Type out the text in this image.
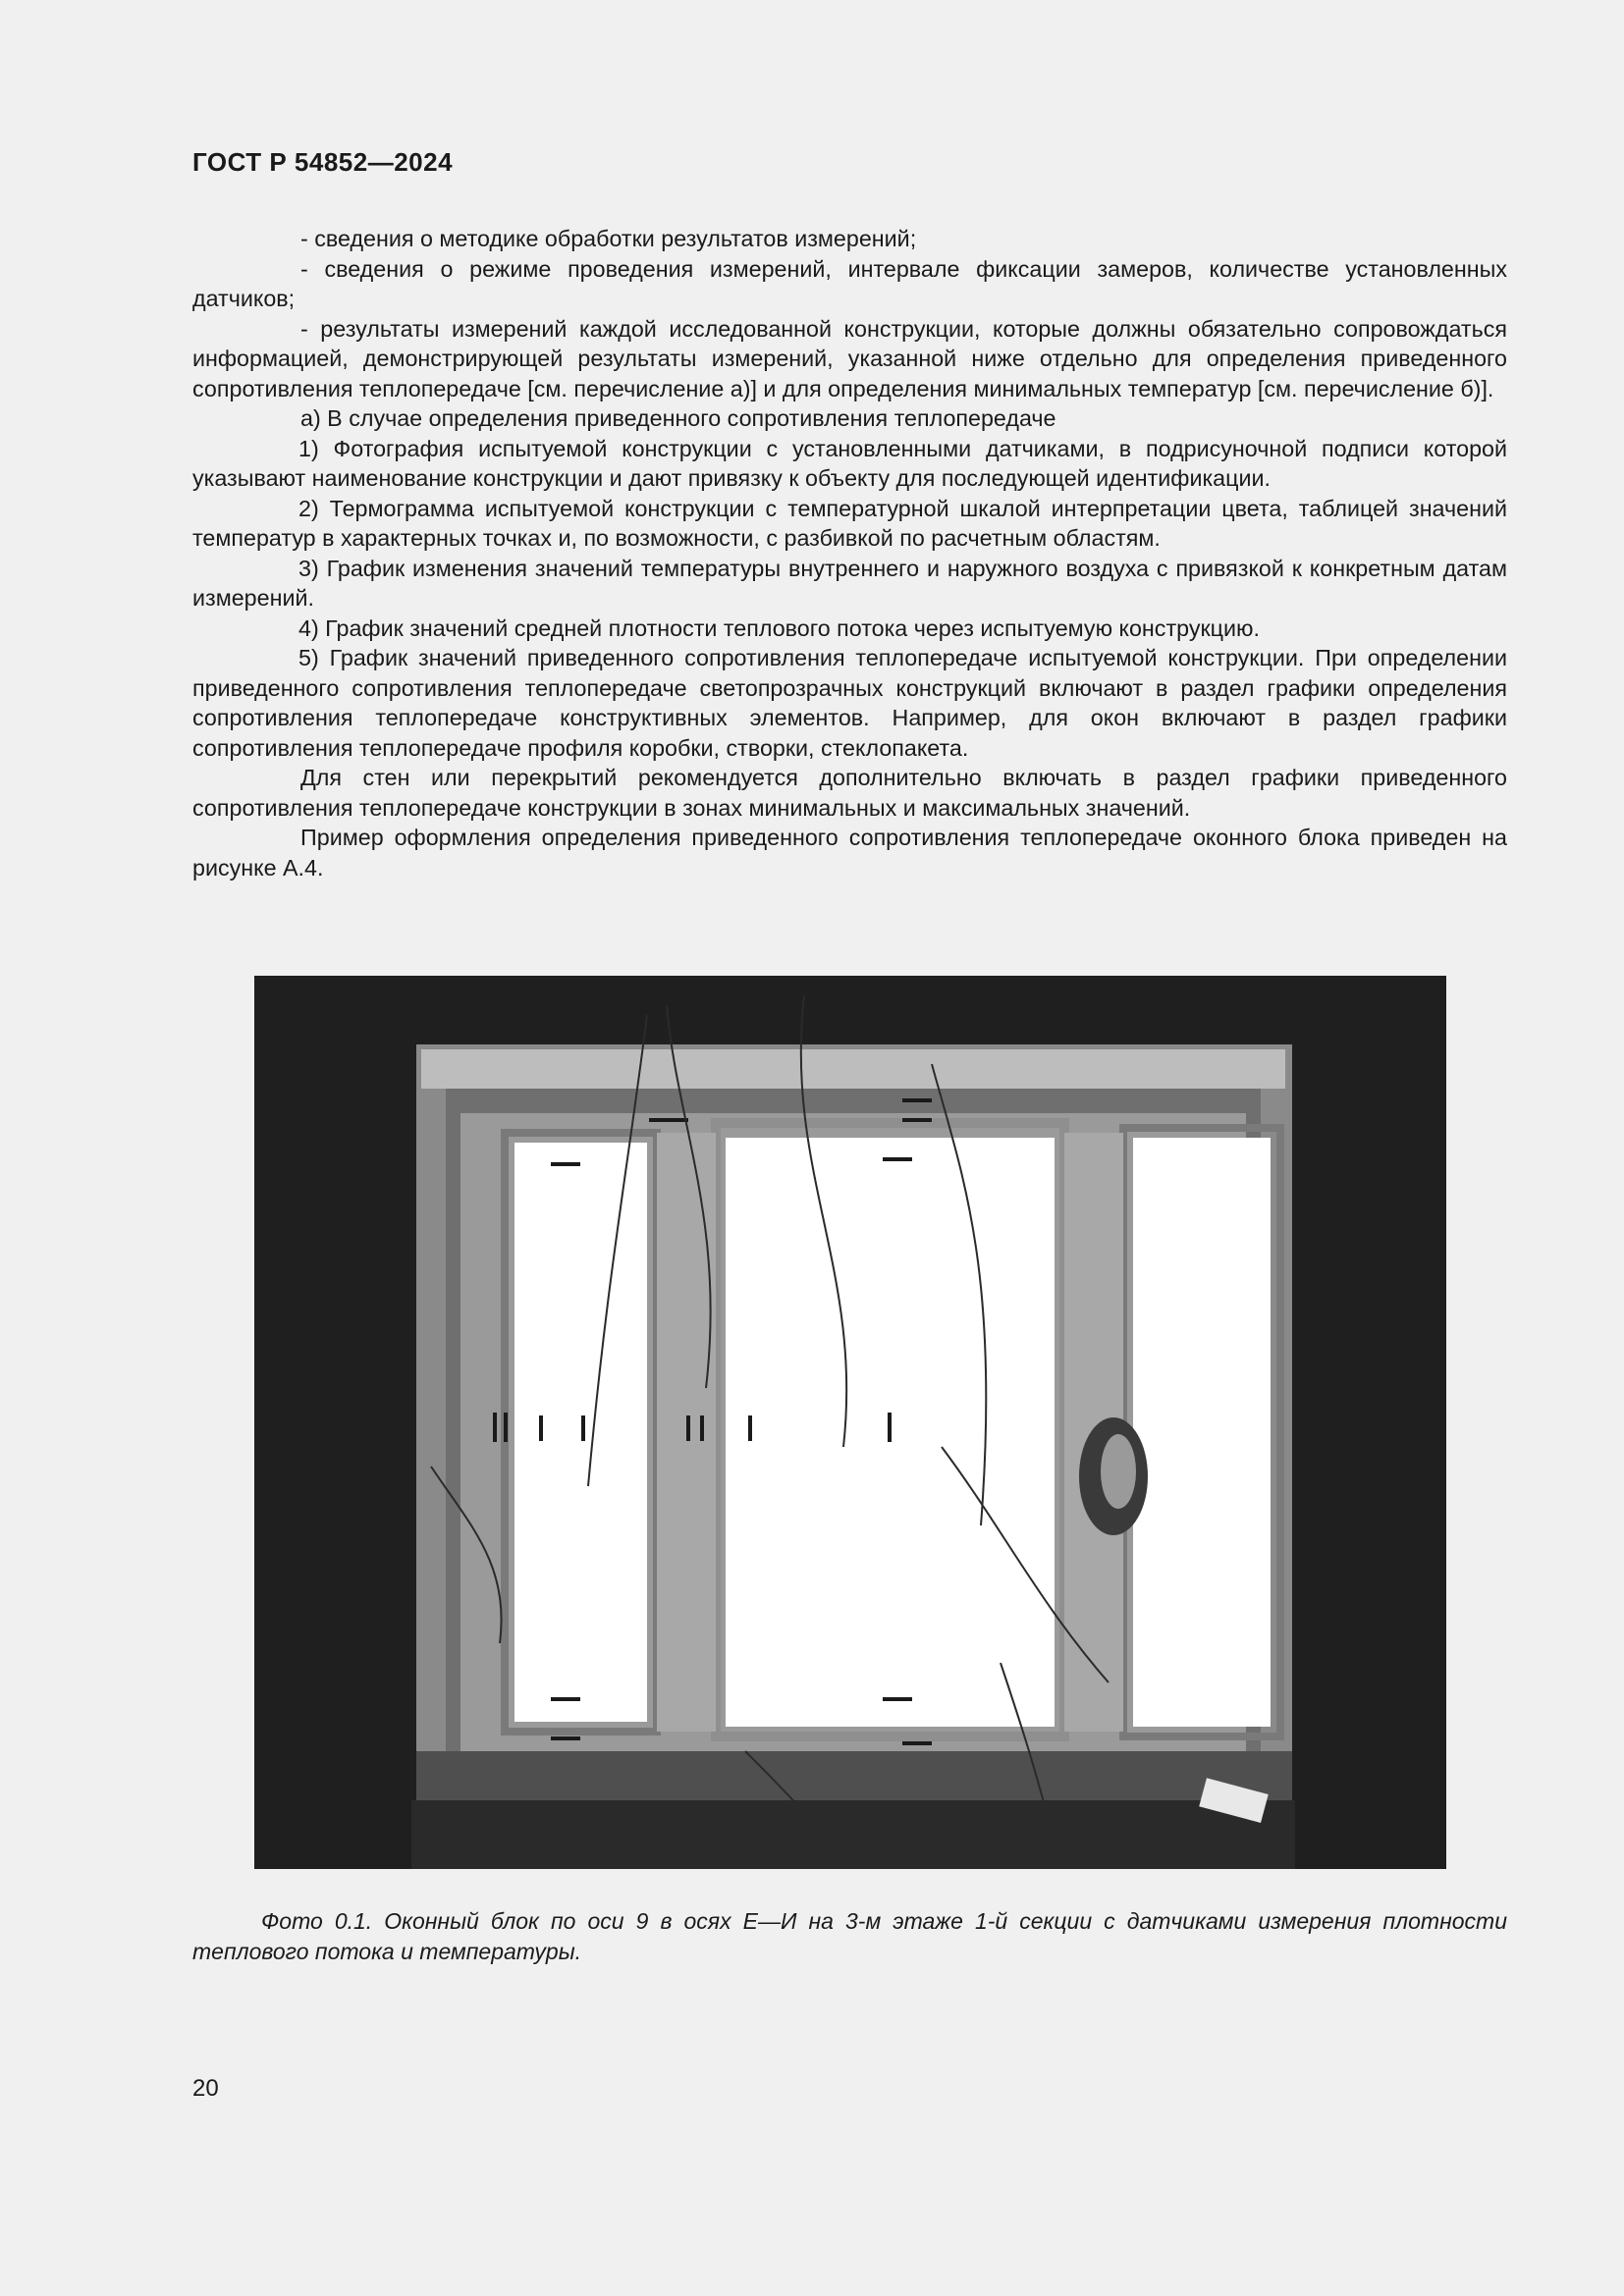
ГОСТ Р 54852—2024

- сведения о методике обработки результатов измерений;

- сведения о режиме проведения измерений, интервале фиксации замеров, количестве установленных датчиков;

- результаты измерений каждой исследованной конструкции, которые должны обязательно сопровождаться информацией, демонстрирующей результаты измерений, указанной ниже отдельно для определения приведенного сопротивления теплопередаче [см. перечисление а)] и для определения минимальных температур [см. перечисление б)].

а) В случае определения приведенного сопротивления теплопередаче

1) Фотография испытуемой конструкции с установленными датчиками, в подрисуночной подписи которой указывают наименование конструкции и дают привязку к объекту для последующей идентификации.

2) Термограмма испытуемой конструкции с температурной шкалой интерпретации цвета, таблицей значений температур в характерных точках и, по возможности, с разбивкой по расчетным областям.

3) График изменения значений температуры внутреннего и наружного воздуха с привязкой к конкретным датам измерений.

4) График значений средней плотности теплового потока через испытуемую конструкцию.

5) График значений приведенного сопротивления теплопередаче испытуемой конструкции. При определении приведенного сопротивления теплопередаче светопрозрачных конструкций включают в раздел графики определения сопротивления теплопередаче конструктивных элементов. Например, для окон включают в раздел графики сопротивления теплопередаче профиля коробки, створки, стеклопакета.

Для стен или перекрытий рекомендуется дополнительно включать в раздел графики приведенного сопротивления теплопередаче конструкции в зонах минимальных и максимальных значений.

Пример оформления определения приведенного сопротивления теплопередаче оконного блока приведен на рисунке А.4.

Фото 0.1. Оконный блок по оси 9 в осях Е—И на 3-м этаже 1-й секции с датчиками измерения плотности теплового потока и температуры.
20
